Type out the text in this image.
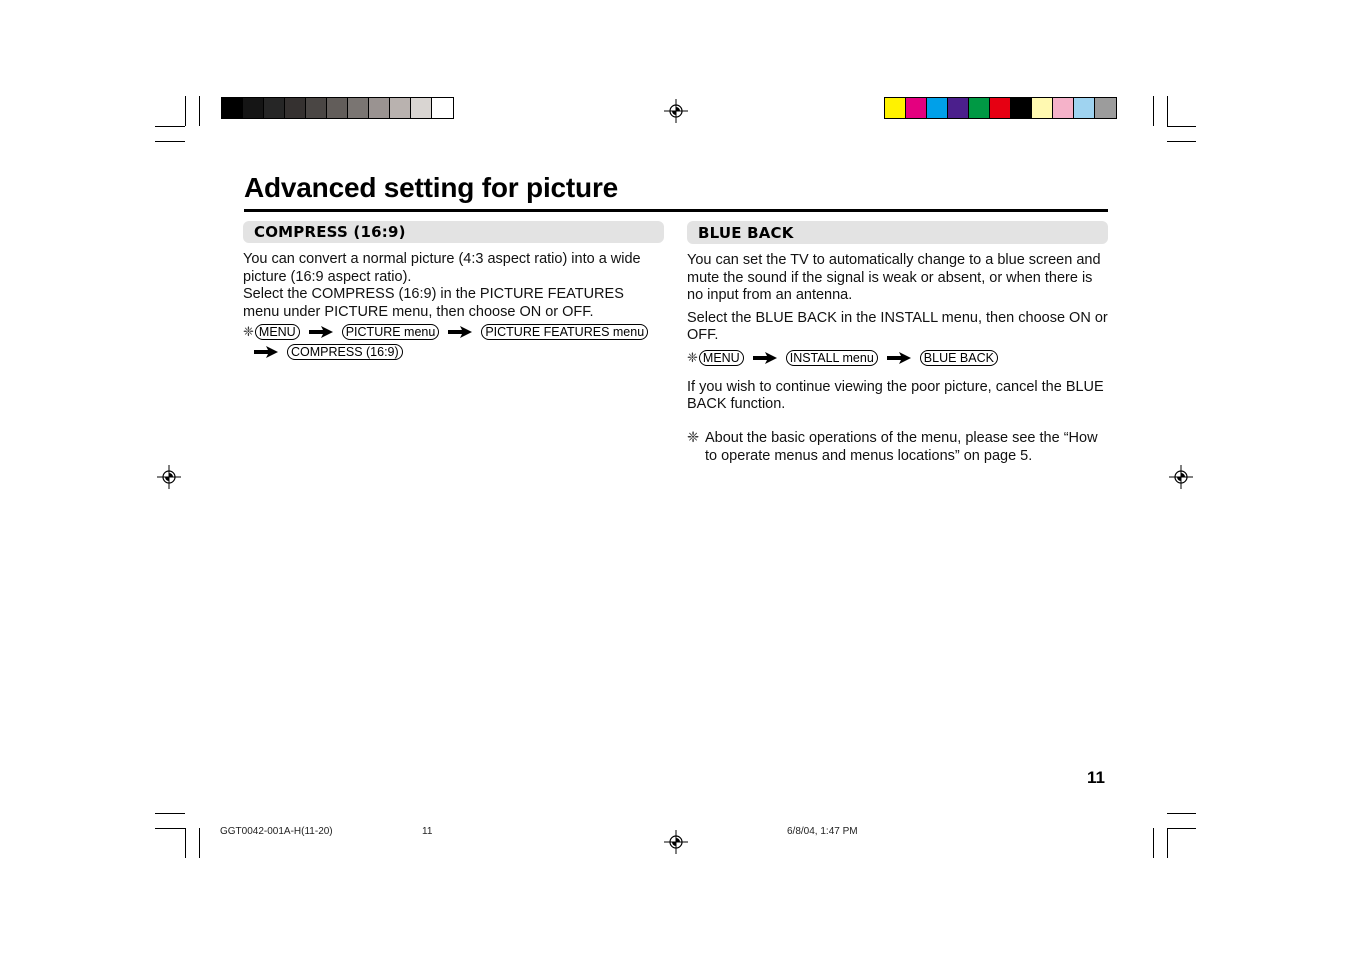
Advanced setting for picture
COMPRESS (16:9)

You can convert a normal picture (4:3 aspect ratio) into a wide picture (16:9 aspect ratio).

Select the COMPRESS (16:9) in the PICTURE FEATURES menu under PICTURE menu, then choose ON or OFF.

❈ MENU	PICTURE menu	PICTURE FEATURES menu
COMPRESS (16:9)
BLUE BACK

You can set the TV to automatically change to a blue screen and mute the sound if the signal is weak or absent, or when there is no input from an antenna.

Select the BLUE BACK in the INSTALL menu, then choose ON or OFF.

❈ MENU	INSTALL menu	BLUE BACK

If you wish to continue viewing the poor picture, cancel the BLUE BACK function.

❈ About the basic operations of the menu, please see the “How to operate menus and menus locations” on page 5.
11
GGT0042-001A-H(11-20)	11	6/8/04, 1:47 PM
